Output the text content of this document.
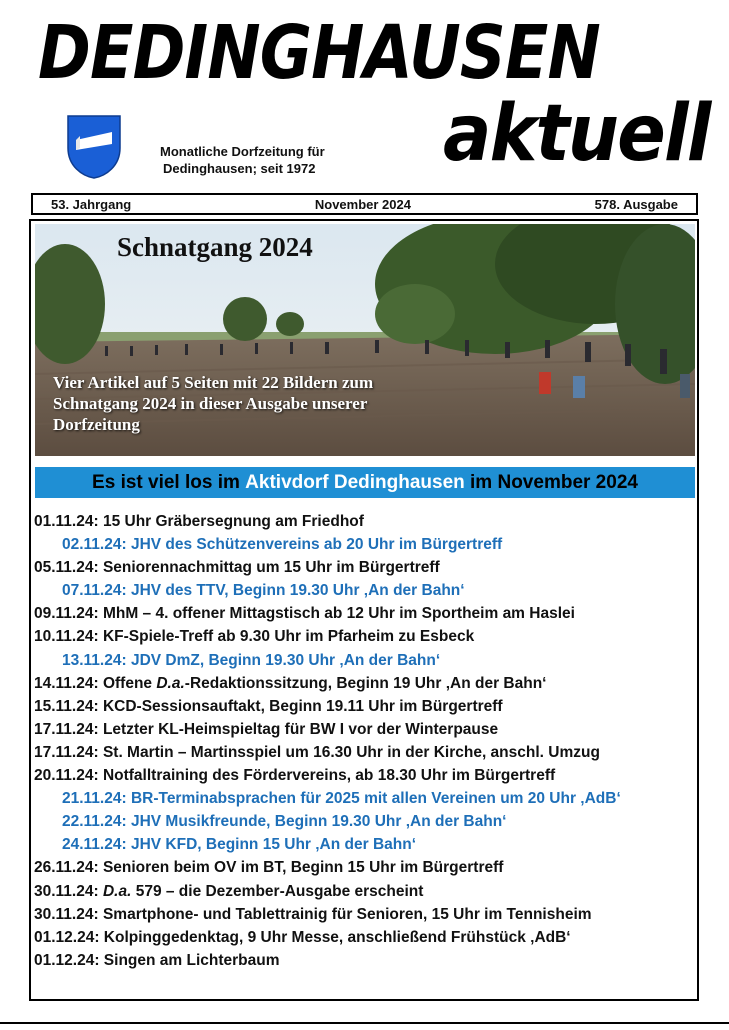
DEDINGHAUSEN
Monatliche Dorfzeitung für
Dedinghausen; seit 1972 aktuell
53. Jahrgang	November 2024	578. Ausgabe
Schnatgang 2024
Vier Artikel auf 5 Seiten mit 22 Bildern zum Schnatgang 2024 in dieser Ausgabe unserer Dorfzeitung
Es ist viel los im Aktivdorf Dedinghausen im November 2024
01.11.24: 15 Uhr Gräbersegnung am Friedhof
02.11.24: JHV des Schützenvereins ab 20 Uhr im Bürgertreff
05.11.24: Seniorennachmittag um 15 Uhr im Bürgertreff
07.11.24: JHV des TTV, Beginn 19.30 Uhr ‚An der Bahn‘
09.11.24: MhM – 4. offener Mittagstisch ab 12 Uhr im Sportheim am Haslei
10.11.24: KF-Spiele-Treff ab 9.30 Uhr im Pfarheim zu Esbeck
13.11.24: JDV DmZ, Beginn 19.30 Uhr ‚An der Bahn‘
14.11.24: Offene D.a.-Redaktionssitzung, Beginn 19 Uhr ‚An der Bahn‘
15.11.24: KCD-Sessionsauftakt, Beginn 19.11 Uhr im Bürgertreff
17.11.24: Letzter KL-Heimspieltag für BW I vor der Winterpause
17.11.24: St. Martin – Martinsspiel um 16.30 Uhr in der Kirche, anschl. Umzug
20.11.24: Notfalltraining des Fördervereins, ab 18.30 Uhr im Bürgertreff
21.11.24: BR-Terminabsprachen für 2025 mit allen Vereinen um 20 Uhr ‚AdB‘
22.11.24: JHV Musikfreunde, Beginn 19.30 Uhr ‚An der Bahn‘
24.11.24: JHV KFD, Beginn 15 Uhr ‚An der Bahn‘
26.11.24: Senioren beim OV im BT, Beginn 15 Uhr im Bürgertreff
30.11.24: D.a. 579 – die Dezember-Ausgabe erscheint
30.11.24: Smartphone- und Tablettrainig für Senioren, 15 Uhr im Tennisheim
01.12.24: Kolpinggedenktag, 9 Uhr Messe, anschließend Frühstück ‚AdB‘
01.12.24: Singen am Lichterbaum
